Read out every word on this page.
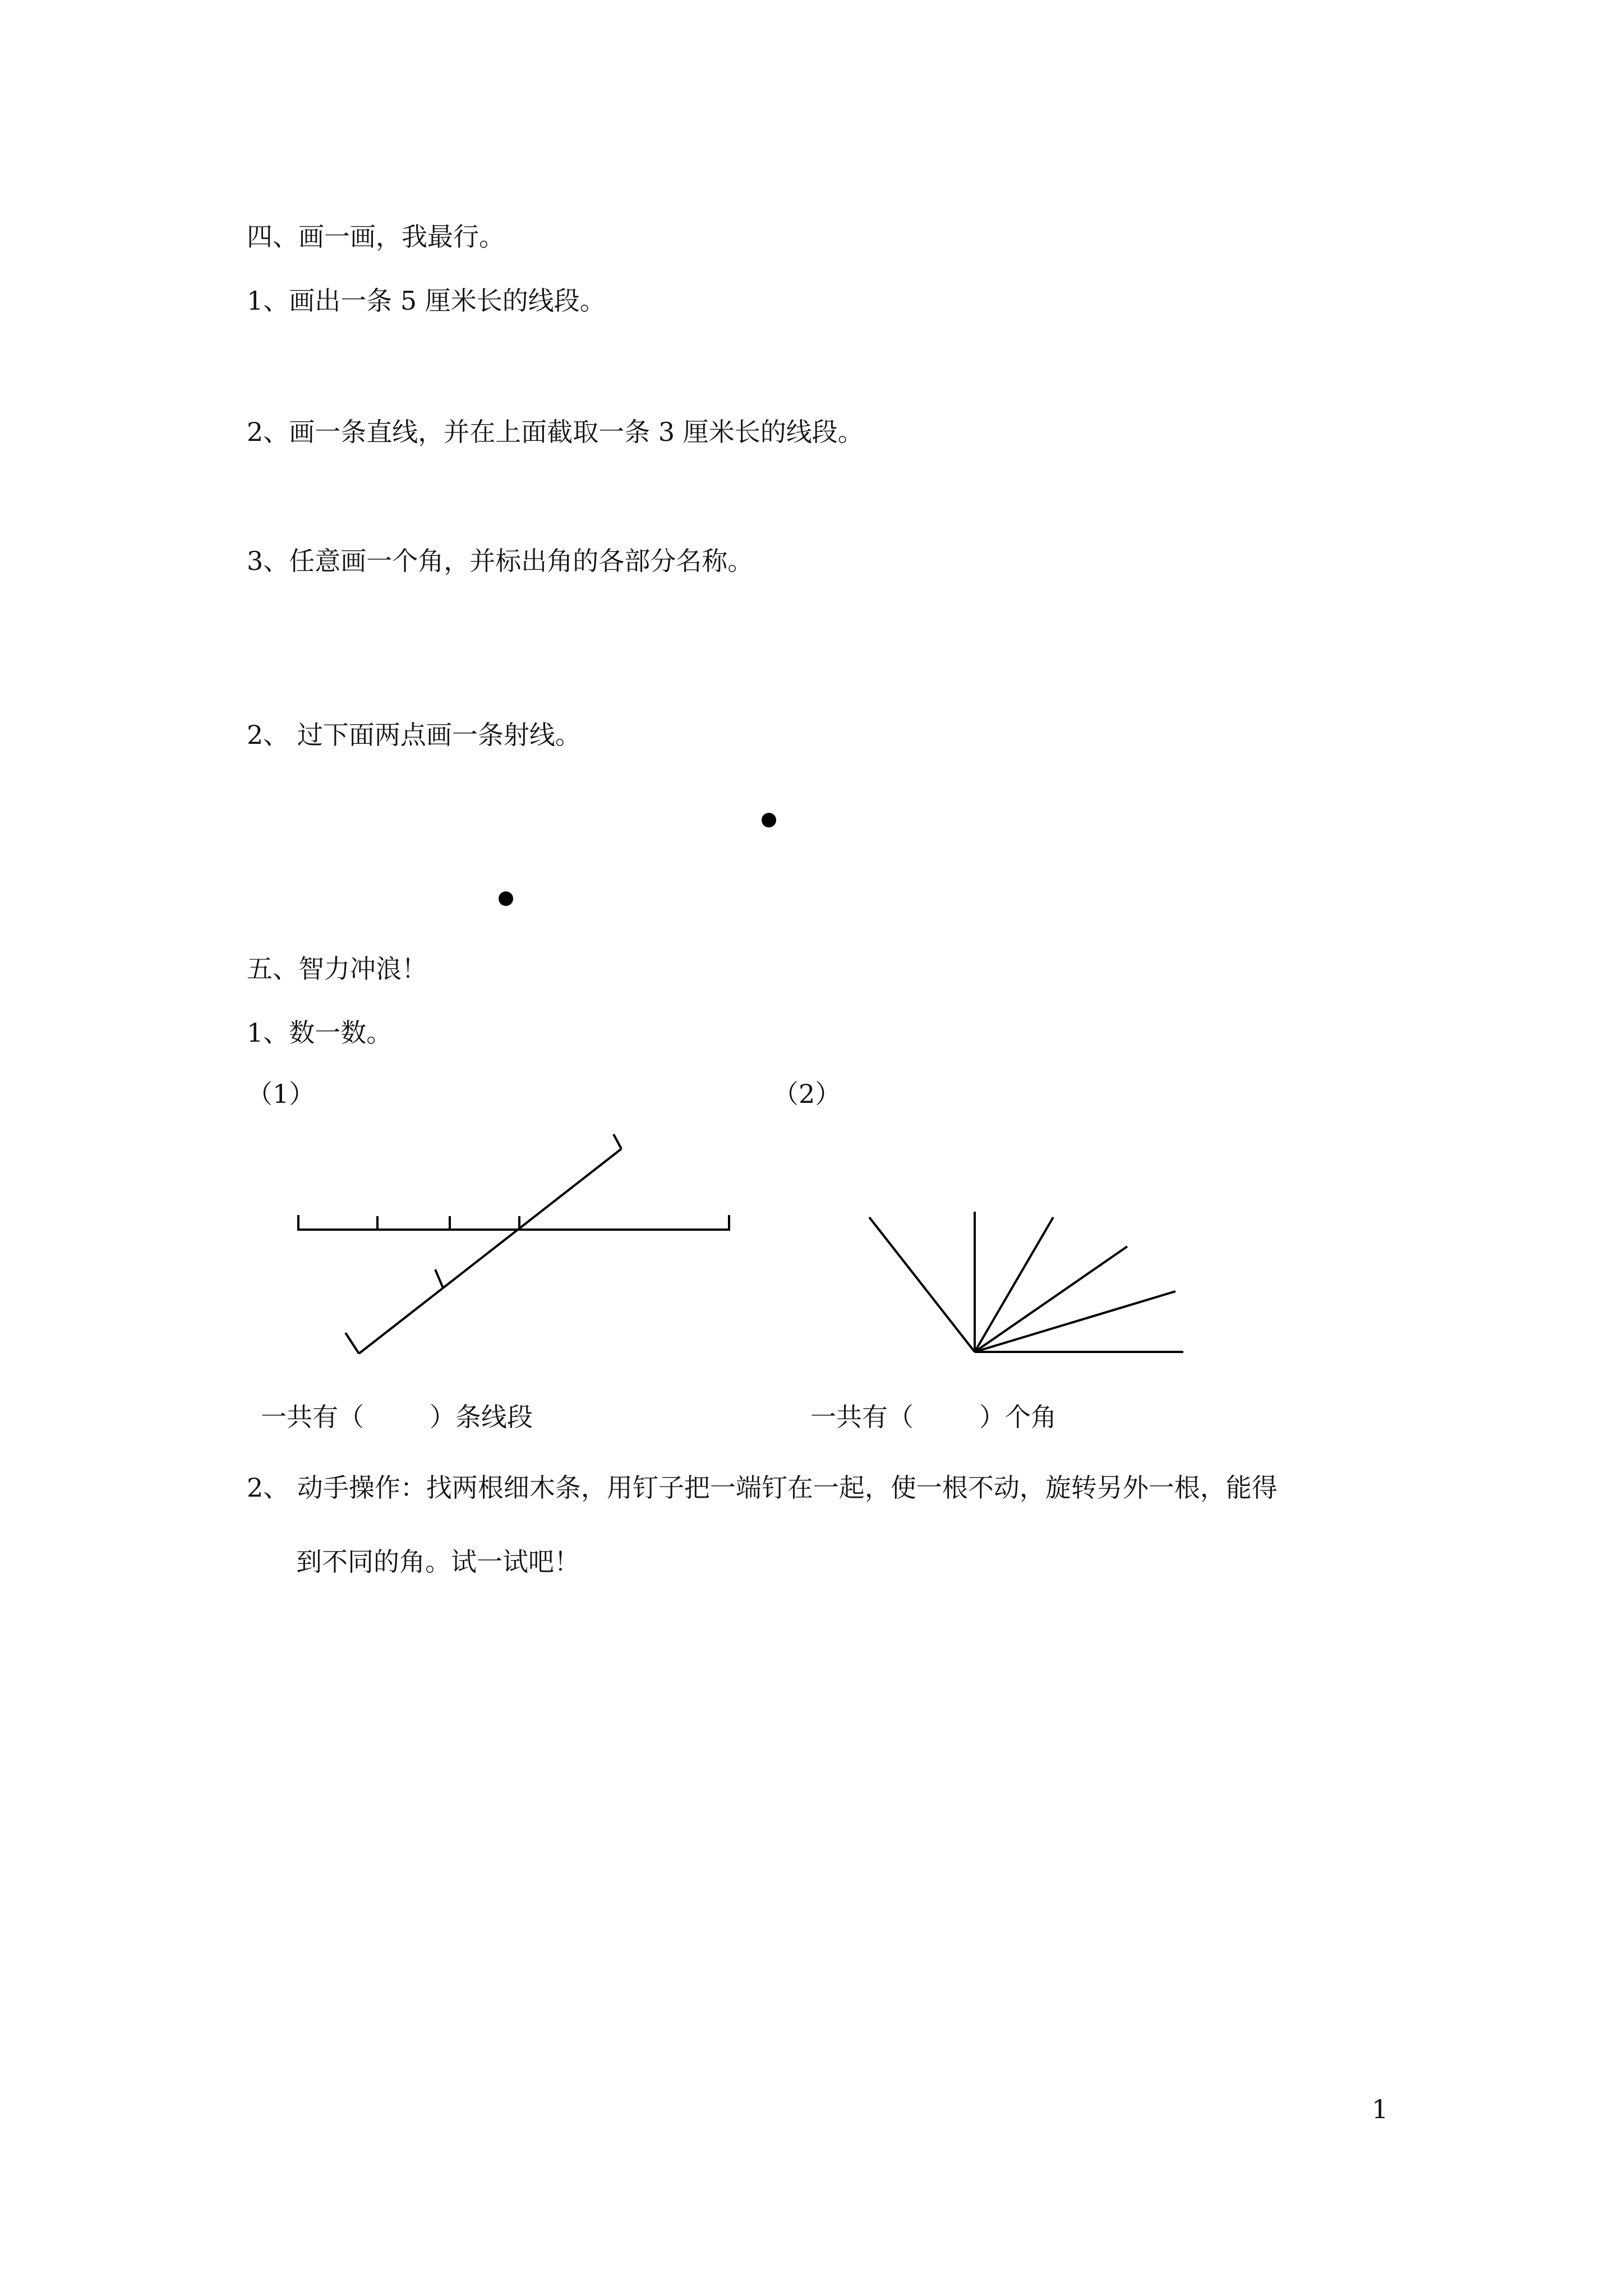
四、画一画，我最行。
1、画出一条 5 厘米长的线段。
2、画一条直线，并在上面截取一条 3 厘米长的线段。
3、任意画一个角，并标出角的各部分名称。
2、 过下面两点画一条射线。
五、智力冲浪！
1、数一数。
（1）	（2）
一共有（        ）条线段	一共有（        ）个角
2、 动手操作：找两根细木条，用钉子把一端钉在一起，使一根不动，旋转另外一根，能得
到不同的角。试一试吧！
1
